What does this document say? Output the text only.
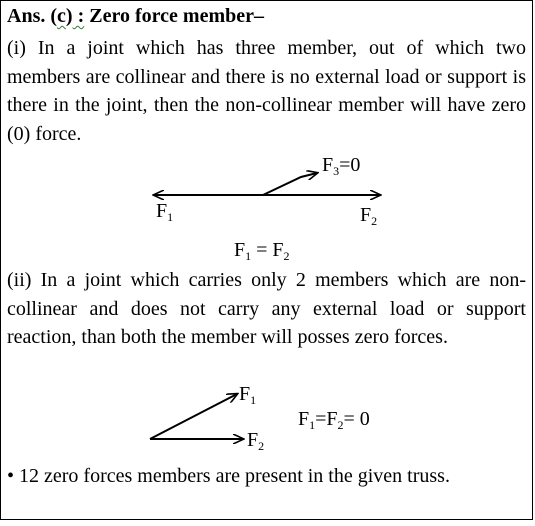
Ans. (c) : Zero force member–

(i) In a joint which has three member, out of which two members are collinear and there is no external load or support is there in the joint, then the non-collinear member will have zero (0) force.

$F_3=0$
$F_1$	$F_2$
$F_1 = F_2$

(ii) In a joint which carries only 2 members which are non-collinear and does not carry any external load or support reaction, than both the member will posses zero forces.

$F_1$
$F_2$
$F_1=F_2= 0$

• 12 zero forces members are present in the given truss.
